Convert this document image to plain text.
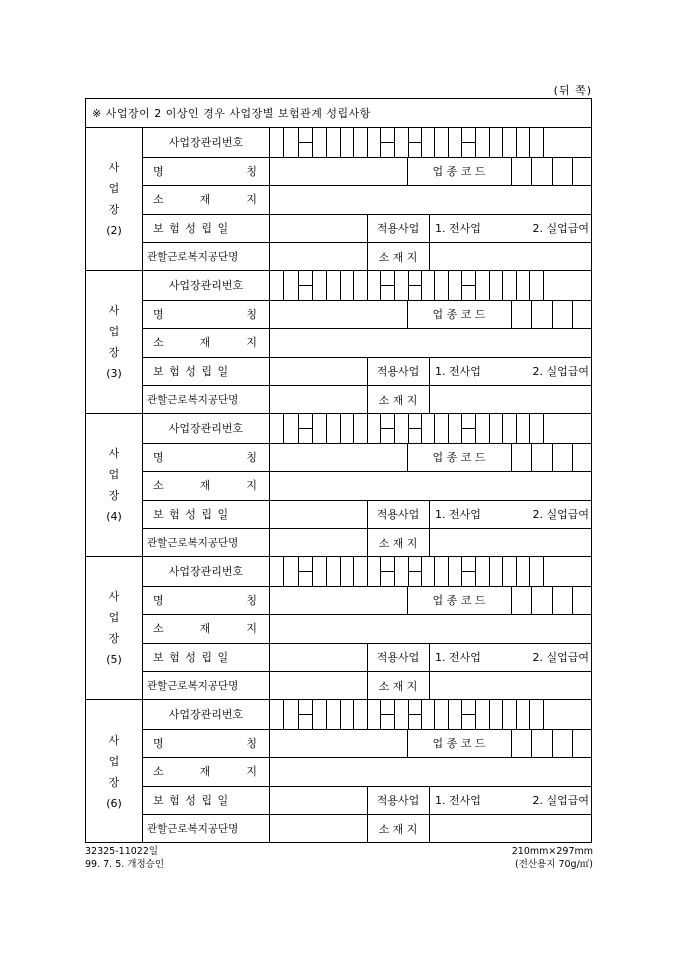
(뒤 쪽)
※ 사업장이 2 이상인 경우 사업장별 보험관계 성립사항
사
업
장
(2)
사업장관리번호
명	칭	업 종 코 드
소	재	지
보 험 성 립 일	적용사업	1. 전사업	2. 실업급여
관할근로복지공단명	소 재 지
사
업
장
(3)
사업장관리번호
명	칭	업 종 코 드
소	재	지
보 험 성 립 일	적용사업	1. 전사업	2. 실업급여
관할근로복지공단명	소 재 지
사
업
장
(4)
사업장관리번호
명	칭	업 종 코 드
소	재	지
보 험 성 립 일	적용사업	1. 전사업	2. 실업급여
관할근로복지공단명	소 재 지
사
업
장
(5)
사업장관리번호
명	칭	업 종 코 드
소	재	지
보 험 성 립 일	적용사업	1. 전사업	2. 실업급여
관할근로복지공단명	소 재 지
사
업
장
(6)
사업장관리번호
명	칭	업 종 코 드
소	재	지
보 험 성 립 일	적용사업	1. 전사업	2. 실업급여
관할근로복지공단명	소 재 지
32325-11022일
99. 7. 5. 개정승인
210mm×297mm
(전산용지 70g/㎡)
